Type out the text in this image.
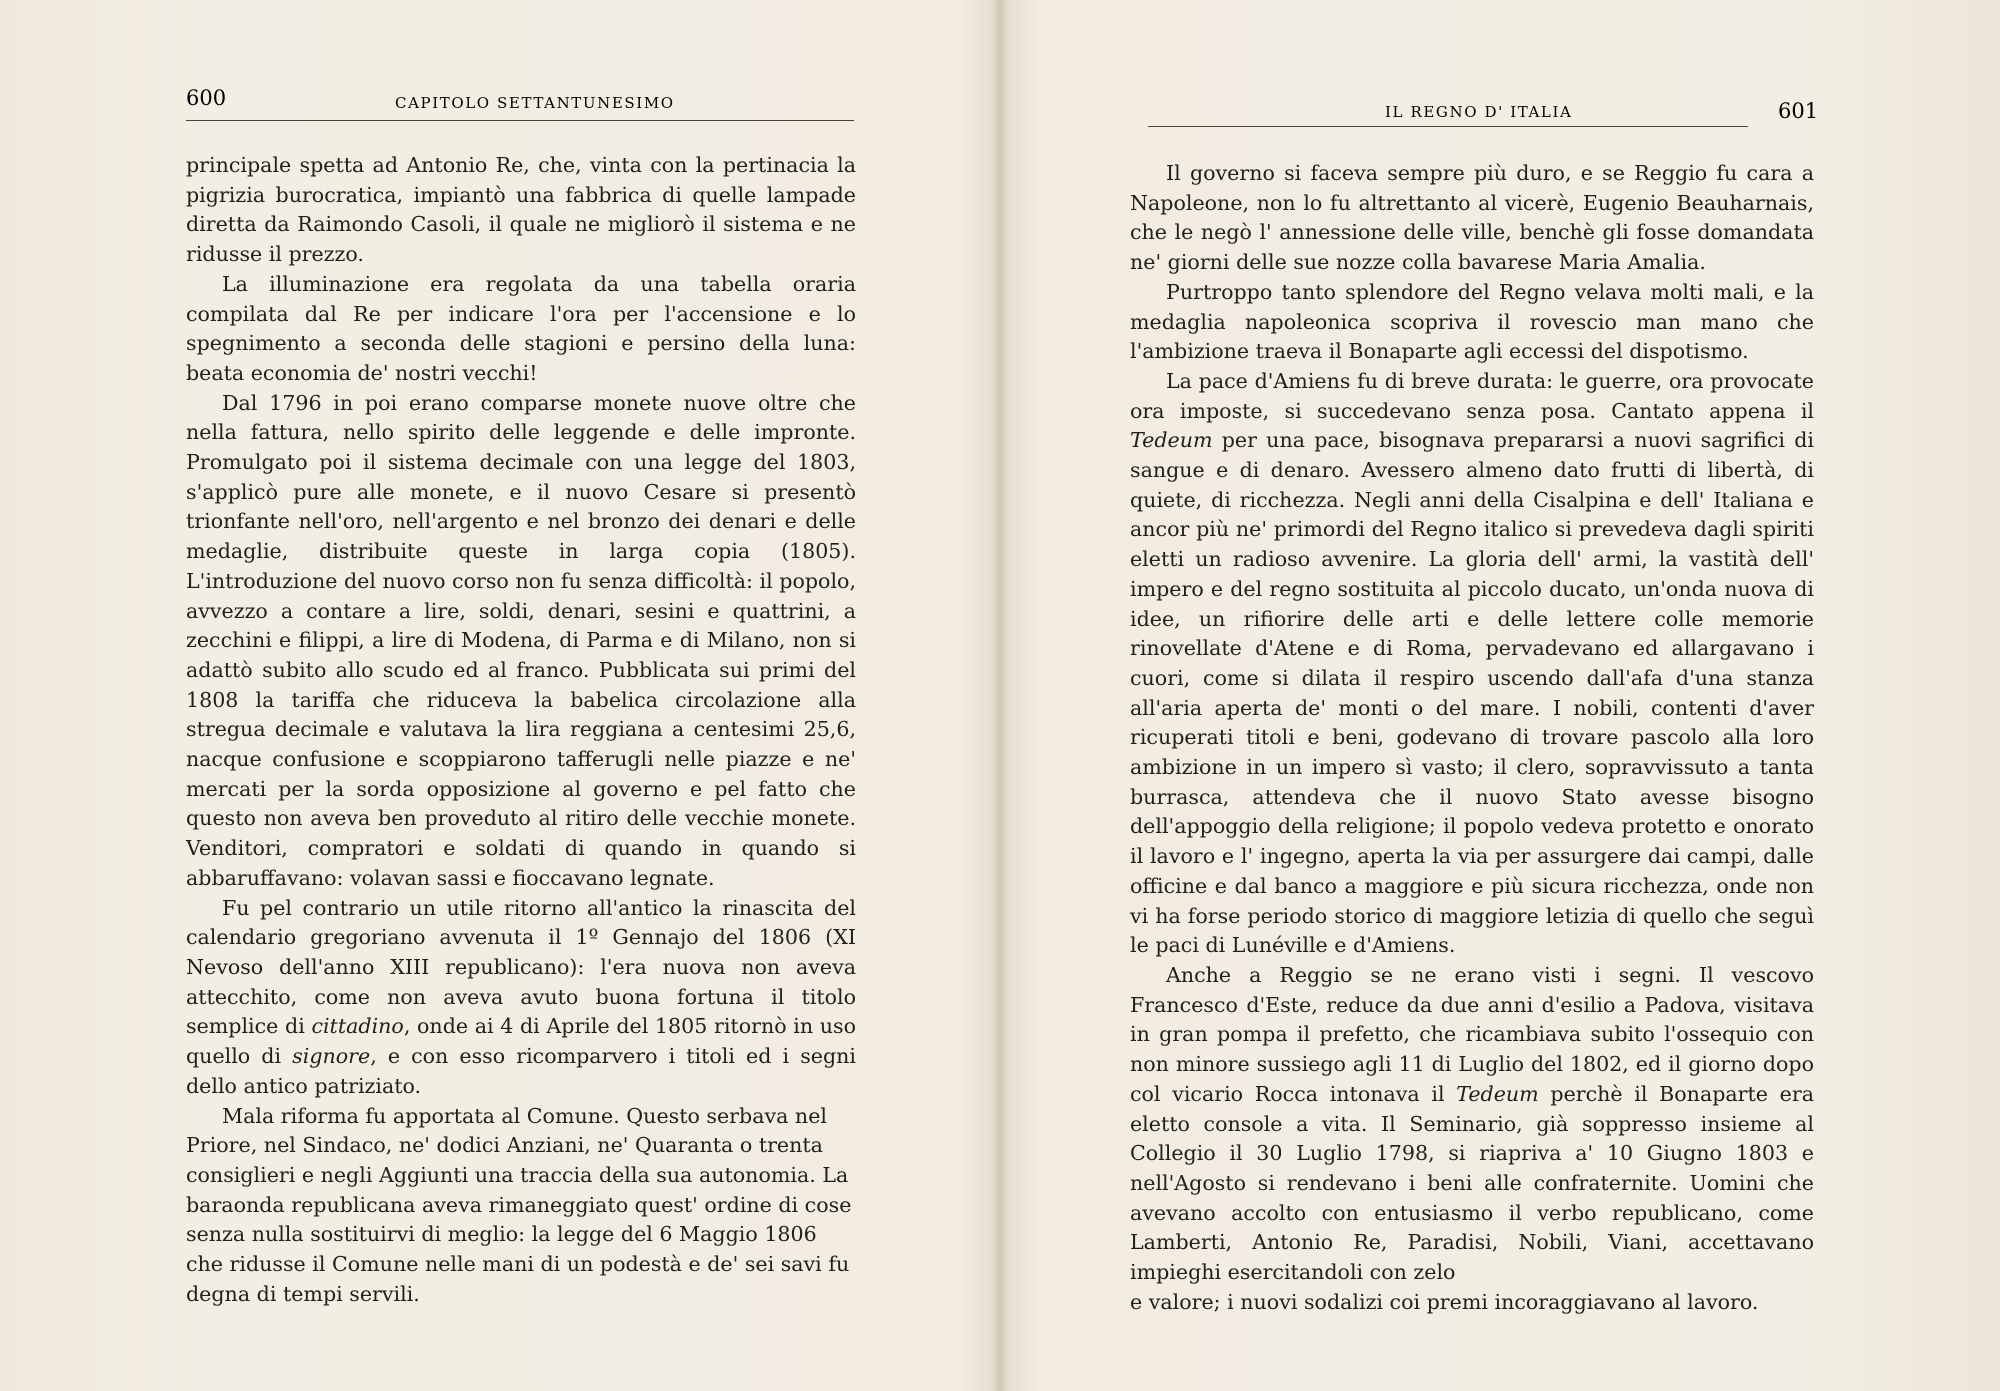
600	CAPITOLO SETTANTUNESIMO

principale spetta ad Antonio Re, che, vinta con la pertinacia la pigrizia burocratica, impiantò una fabbrica di quelle lampade diretta da Raimondo Casoli, il quale ne migliorò il sistema e ne ridusse il prezzo.

La illuminazione era regolata da una tabella oraria compilata dal Re per indicare l'ora per l'accensione e lo spegnimento a seconda delle stagioni e persino della luna: beata economia de' nostri vecchi!

Dal 1796 in poi erano comparse monete nuove oltre che nella fattura, nello spirito delle leggende e delle impronte. Promulgato poi il sistema decimale con una legge del 1803, s'applicò pure alle monete, e il nuovo Cesare si presentò trionfante nell'oro, nell'argento e nel bronzo dei denari e delle medaglie, distribuite queste in larga copia (1805). L'introduzione del nuovo corso non fu senza difficoltà: il popolo, avvezzo a contare a lire, soldi, denari, sesini e quattrini, a zecchini e filippi, a lire di Modena, di Parma e di Milano, non si adattò subito allo scudo ed al franco. Pubblicata sui primi del 1808 la tariffa che riduceva la babelica circolazione alla stregua decimale e valutava la lira reggiana a centesimi 25,6, nacque confusione e scoppiarono tafferugli nelle piazze e ne' mercati per la sorda opposizione al governo e pel fatto che questo non aveva ben proveduto al ritiro delle vecchie monete. Venditori, compratori e soldati di quando in quando si abbaruffavano: volavan sassi e fioccavano legnate.

Fu pel contrario un utile ritorno all'antico la rinascita del calendario gregoriano avvenuta il 1º Gennajo del 1806 (XI Nevoso dell'anno XIII republicano): l'era nuova non aveva attecchito, come non aveva avuto buona fortuna il titolo semplice di cittadino, onde ai 4 di Aprile del 1805 ritornò in uso quello di signore, e con esso ricomparvero i titoli ed i segni dello antico patriziato.

Mala riforma fu apportata al Comune. Questo serbava nel Priore, nel Sindaco, ne' dodici Anziani, ne' Quaranta o trenta consiglieri e negli Aggiunti una traccia della sua autonomia. La baraonda republicana aveva rimaneggiato quest' ordine di cose senza nulla sostituirvi di meglio: la legge del 6 Maggio 1806 che ridusse il Comune nelle mani di un podestà e de' sei savi fu degna di tempi servili.

IL REGNO D' ITALIA	601

Il governo si faceva sempre più duro, e se Reggio fu cara a Napoleone, non lo fu altrettanto al vicerè, Eugenio Beauharnais, che le negò l' annessione delle ville, benchè gli fosse domandata ne' giorni delle sue nozze colla bavarese Maria Amalia.

Purtroppo tanto splendore del Regno velava molti mali, e la medaglia napoleonica scopriva il rovescio man mano che l'ambizione traeva il Bonaparte agli eccessi del dispotismo.

La pace d'Amiens fu di breve durata: le guerre, ora provocate ora imposte, si succedevano senza posa. Cantato appena il Tedeum per una pace, bisognava prepararsi a nuovi sagrifici di sangue e di denaro. Avessero almeno dato frutti di libertà, di quiete, di ricchezza. Negli anni della Cisalpina e dell' Italiana e ancor più ne' primordi del Regno italico si prevedeva dagli spiriti eletti un radioso avvenire. La gloria dell' armi, la vastità dell' impero e del regno sostituita al piccolo ducato, un'onda nuova di idee, un rifiorire delle arti e delle lettere colle memorie rinovellate d'Atene e di Roma, pervadevano ed allargavano i cuori, come si dilata il respiro uscendo dall'afa d'una stanza all'aria aperta de' monti o del mare. I nobili, contenti d'aver ricuperati titoli e beni, godevano di trovare pascolo alla loro ambizione in un impero sì vasto; il clero, sopravvissuto a tanta burrasca, attendeva che il nuovo Stato avesse bisogno dell'appoggio della religione; il popolo vedeva protetto e onorato il lavoro e l' ingegno, aperta la via per assurgere dai campi, dalle officine e dal banco a maggiore e più sicura ricchezza, onde non vi ha forse periodo storico di maggiore letizia di quello che seguì le paci di Lunéville e d'Amiens.

Anche a Reggio se ne erano visti i segni. Il vescovo Francesco d'Este, reduce da due anni d'esilio a Padova, visitava in gran pompa il prefetto, che ricambiava subito l'ossequio con non minore sussiego agli 11 di Luglio del 1802, ed il giorno dopo col vicario Rocca intonava il Tedeum perchè il Bonaparte era eletto console a vita. Il Seminario, già soppresso insieme al Collegio il 30 Luglio 1798, si riapriva a' 10 Giugno 1803 e nell'Agosto si rendevano i beni alle confraternite. Uomini che avevano accolto con entusiasmo il verbo republicano, come Lamberti, Antonio Re, Paradisi, Nobili, Viani, accettavano impieghi esercitandoli con zelo

e valore; i nuovi sodalizi coi premi incoraggiavano al lavoro.
